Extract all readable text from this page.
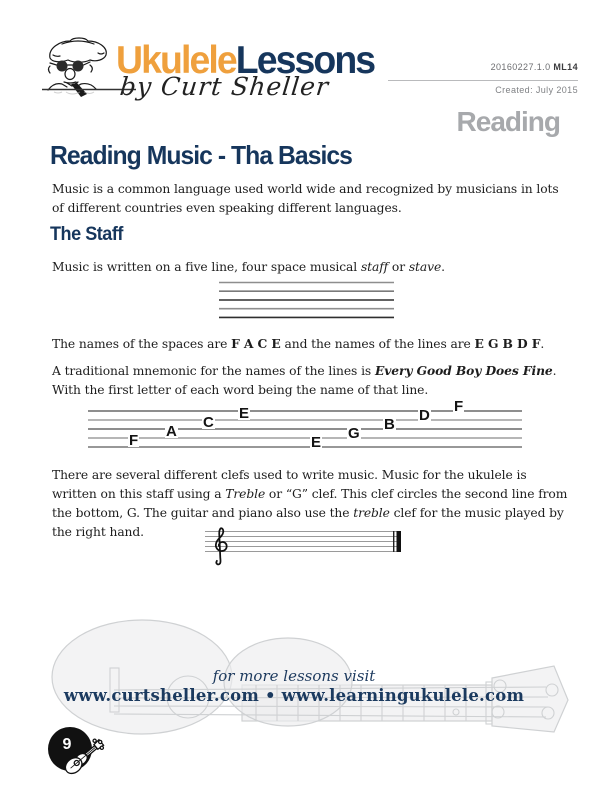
UkuleleLessons
by Curt Sheller
20160227.1.0 ML14
Created: July 2015
Reading
Reading Music - Tha Basics

Music is a common language used world wide and recognized by musicians in lots of different countries even speaking different languages.

The Staff

Music is written on a five line, four space musical staff or stave.

The names of the spaces are F A C E and the names of the lines are E G B D F.

A traditional mnemonic for the names of the lines is Every Good Boy Does Fine. With the first letter of each word being the name of that line.

F
A
C
E
E
G
B
D
F

There are several different clefs used to write music. Music for the ukulele is written on this staff using a Treble or “G” clef. This clef circles the second line from the bottom, G. The guitar and piano also use the treble clef for the music played by the right hand.

for more lessons visit
www.curtsheller.com • www.learningukulele.com
9
